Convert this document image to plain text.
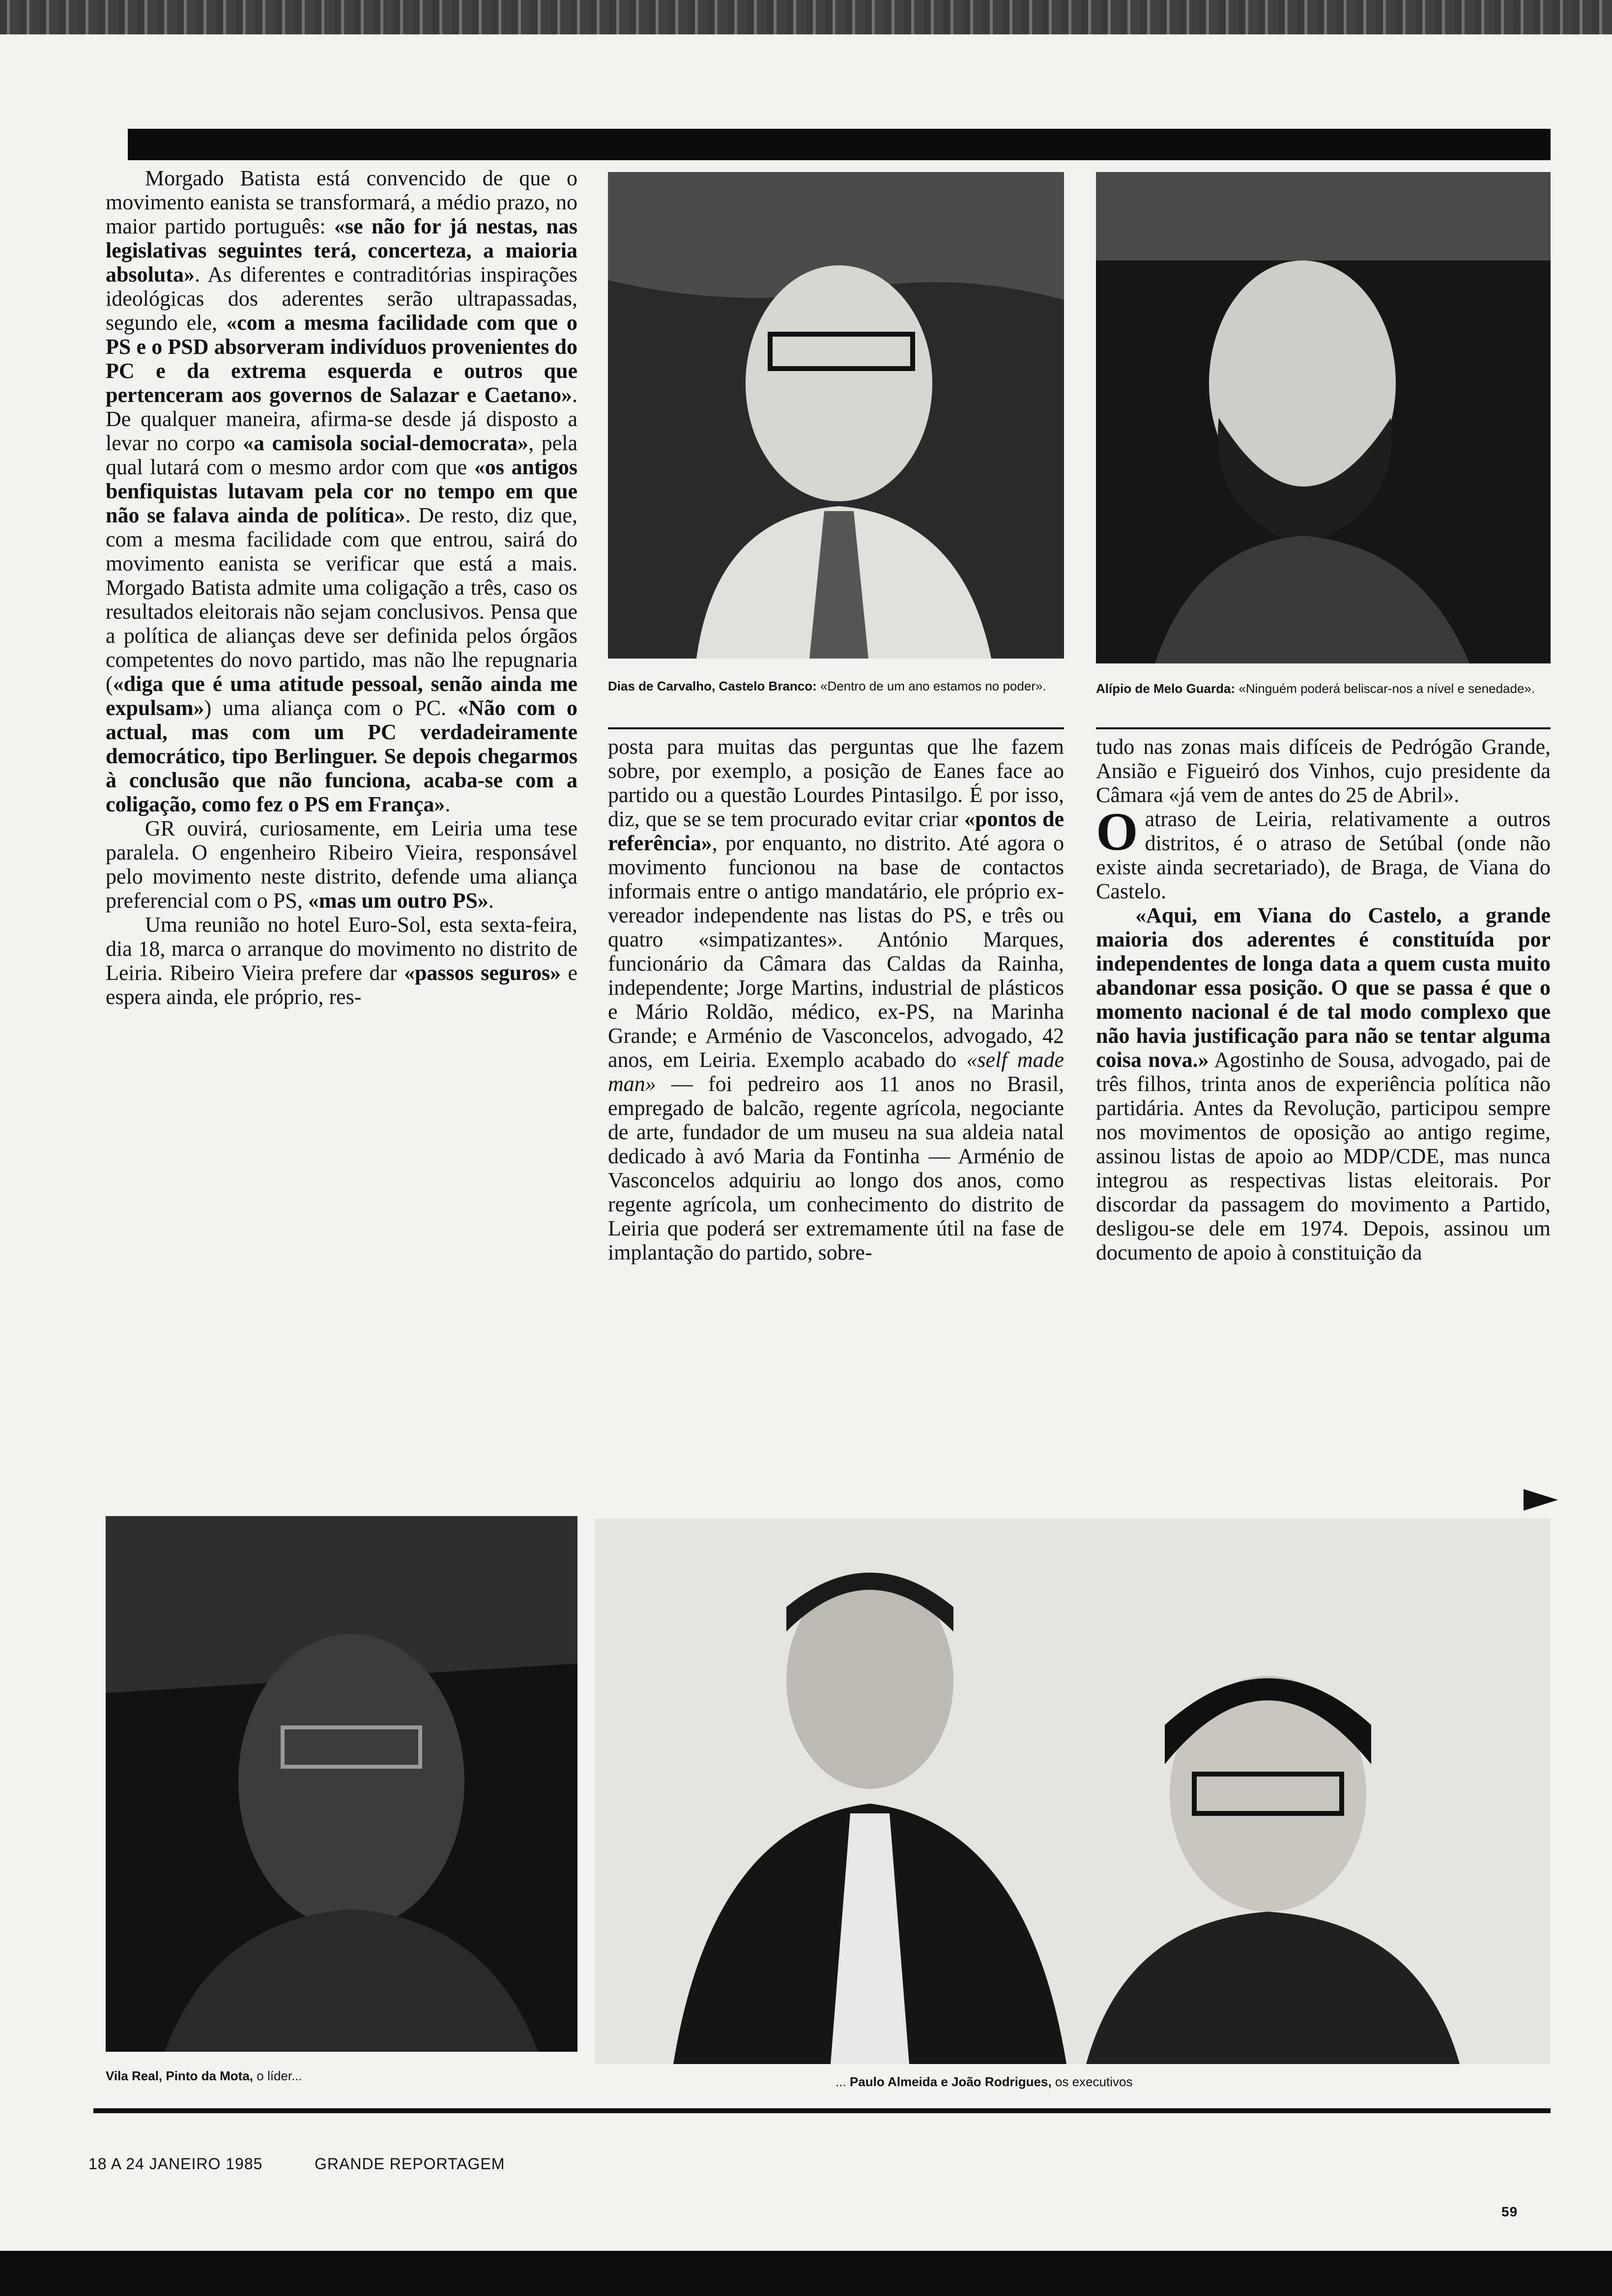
Morgado Batista está convencido de que o movimento eanista se transformará, a médio prazo, no maior partido português: «se não for já nestas, nas legislativas seguintes terá, concerteza, a maioria absoluta». As diferentes e contraditórias inspirações ideológicas dos aderentes serão ultrapassadas, segundo ele, «com a mesma facilidade com que o PS e o PSD absorveram indivíduos provenientes do PC e da extrema esquerda e outros que pertenceram aos governos de Salazar e Caetano». De qualquer maneira, afirma-se desde já disposto a levar no corpo «a camisola social-democrata», pela qual lutará com o mesmo ardor com que «os antigos benfiquistas lutavam pela cor no tempo em que não se falava ainda de política». De resto, diz que, com a mesma facilidade com que entrou, sairá do movimento eanista se verificar que está a mais. Morgado Batista admite uma coligação a três, caso os resultados eleitorais não sejam conclusivos. Pensa que a política de alianças deve ser definida pelos órgãos competentes do novo partido, mas não lhe repugnaria («diga que é uma atitude pessoal, senão ainda me expulsam») uma aliança com o PC. «Não com o actual, mas com um PC verdadeiramente democrático, tipo Berlinguer. Se depois chegarmos à conclusão que não funciona, acaba-se com a coligação, como fez o PS em França».

GR ouvirá, curiosamente, em Leiria uma tese paralela. O engenheiro Ribeiro Vieira, responsável pelo movimento neste distrito, defende uma aliança preferencial com o PS, «mas um outro PS».

Uma reunião no hotel Euro-Sol, esta sexta-feira, dia 18, marca o arranque do movimento no distrito de Leiria. Ribeiro Vieira prefere dar «passos seguros» e espera ainda, ele próprio, res-

Dias de Carvalho, Castelo Branco: «Dentro de um ano estamos no poder».	Alípio de Melo Guarda: «Ninguém poderá beliscar-nos a nível e senedade».

posta para muitas das perguntas que lhe fazem sobre, por exemplo, a posição de Eanes face ao partido ou a questão Lourdes Pintasilgo. É por isso, diz, que se se tem procurado evitar criar «pontos de referência», por enquanto, no distrito. Até agora o movimento funcionou na base de contactos informais entre o antigo mandatário, ele próprio ex-vereador independente nas listas do PS, e três ou quatro «simpatizantes». António Marques, funcionário da Câmara das Caldas da Rainha, independente; Jorge Martins, industrial de plásticos e Mário Roldão, médico, ex-PS, na Marinha Grande; e Arménio de Vasconcelos, advogado, 42 anos, em Leiria. Exemplo acabado do «self made man» — foi pedreiro aos 11 anos no Brasil, empregado de balcão, regente agrícola, negociante de arte, fundador de um museu na sua aldeia natal dedicado à avó Maria da Fontinha — Arménio de Vasconcelos adquiriu ao longo dos anos, como regente agrícola, um conhecimento do distrito de Leiria que poderá ser extremamente útil na fase de implantação do partido, sobre-

tudo nas zonas mais difíceis de Pedrógão Grande, Ansião e Figueiró dos Vinhos, cujo presidente da Câmara «já vem de antes do 25 de Abril».

O atraso de Leiria, relativamente a outros distritos, é o atraso de Setúbal (onde não existe ainda secretariado), de Braga, de Viana do Castelo.

«Aqui, em Viana do Castelo, a grande maioria dos aderentes é constituída por independentes de longa data a quem custa muito abandonar essa posição. O que se passa é que o momento nacional é de tal modo complexo que não havia justificação para não se tentar alguma coisa nova.» Agostinho de Sousa, advogado, pai de três filhos, trinta anos de experiência política não partidária. Antes da Revolução, participou sempre nos movimentos de oposição ao antigo regime, assinou listas de apoio ao MDP/CDE, mas nunca integrou as respectivas listas eleitorais. Por discordar da passagem do movimento a Partido, desligou-se dele em 1974. Depois, assinou um documento de apoio à constituição da

Vila Real, Pinto da Mota, o líder...	... Paulo Almeida e João Rodrigues, os executivos
18 A 24 JANEIRO 1985	GRANDE REPORTAGEM
59
